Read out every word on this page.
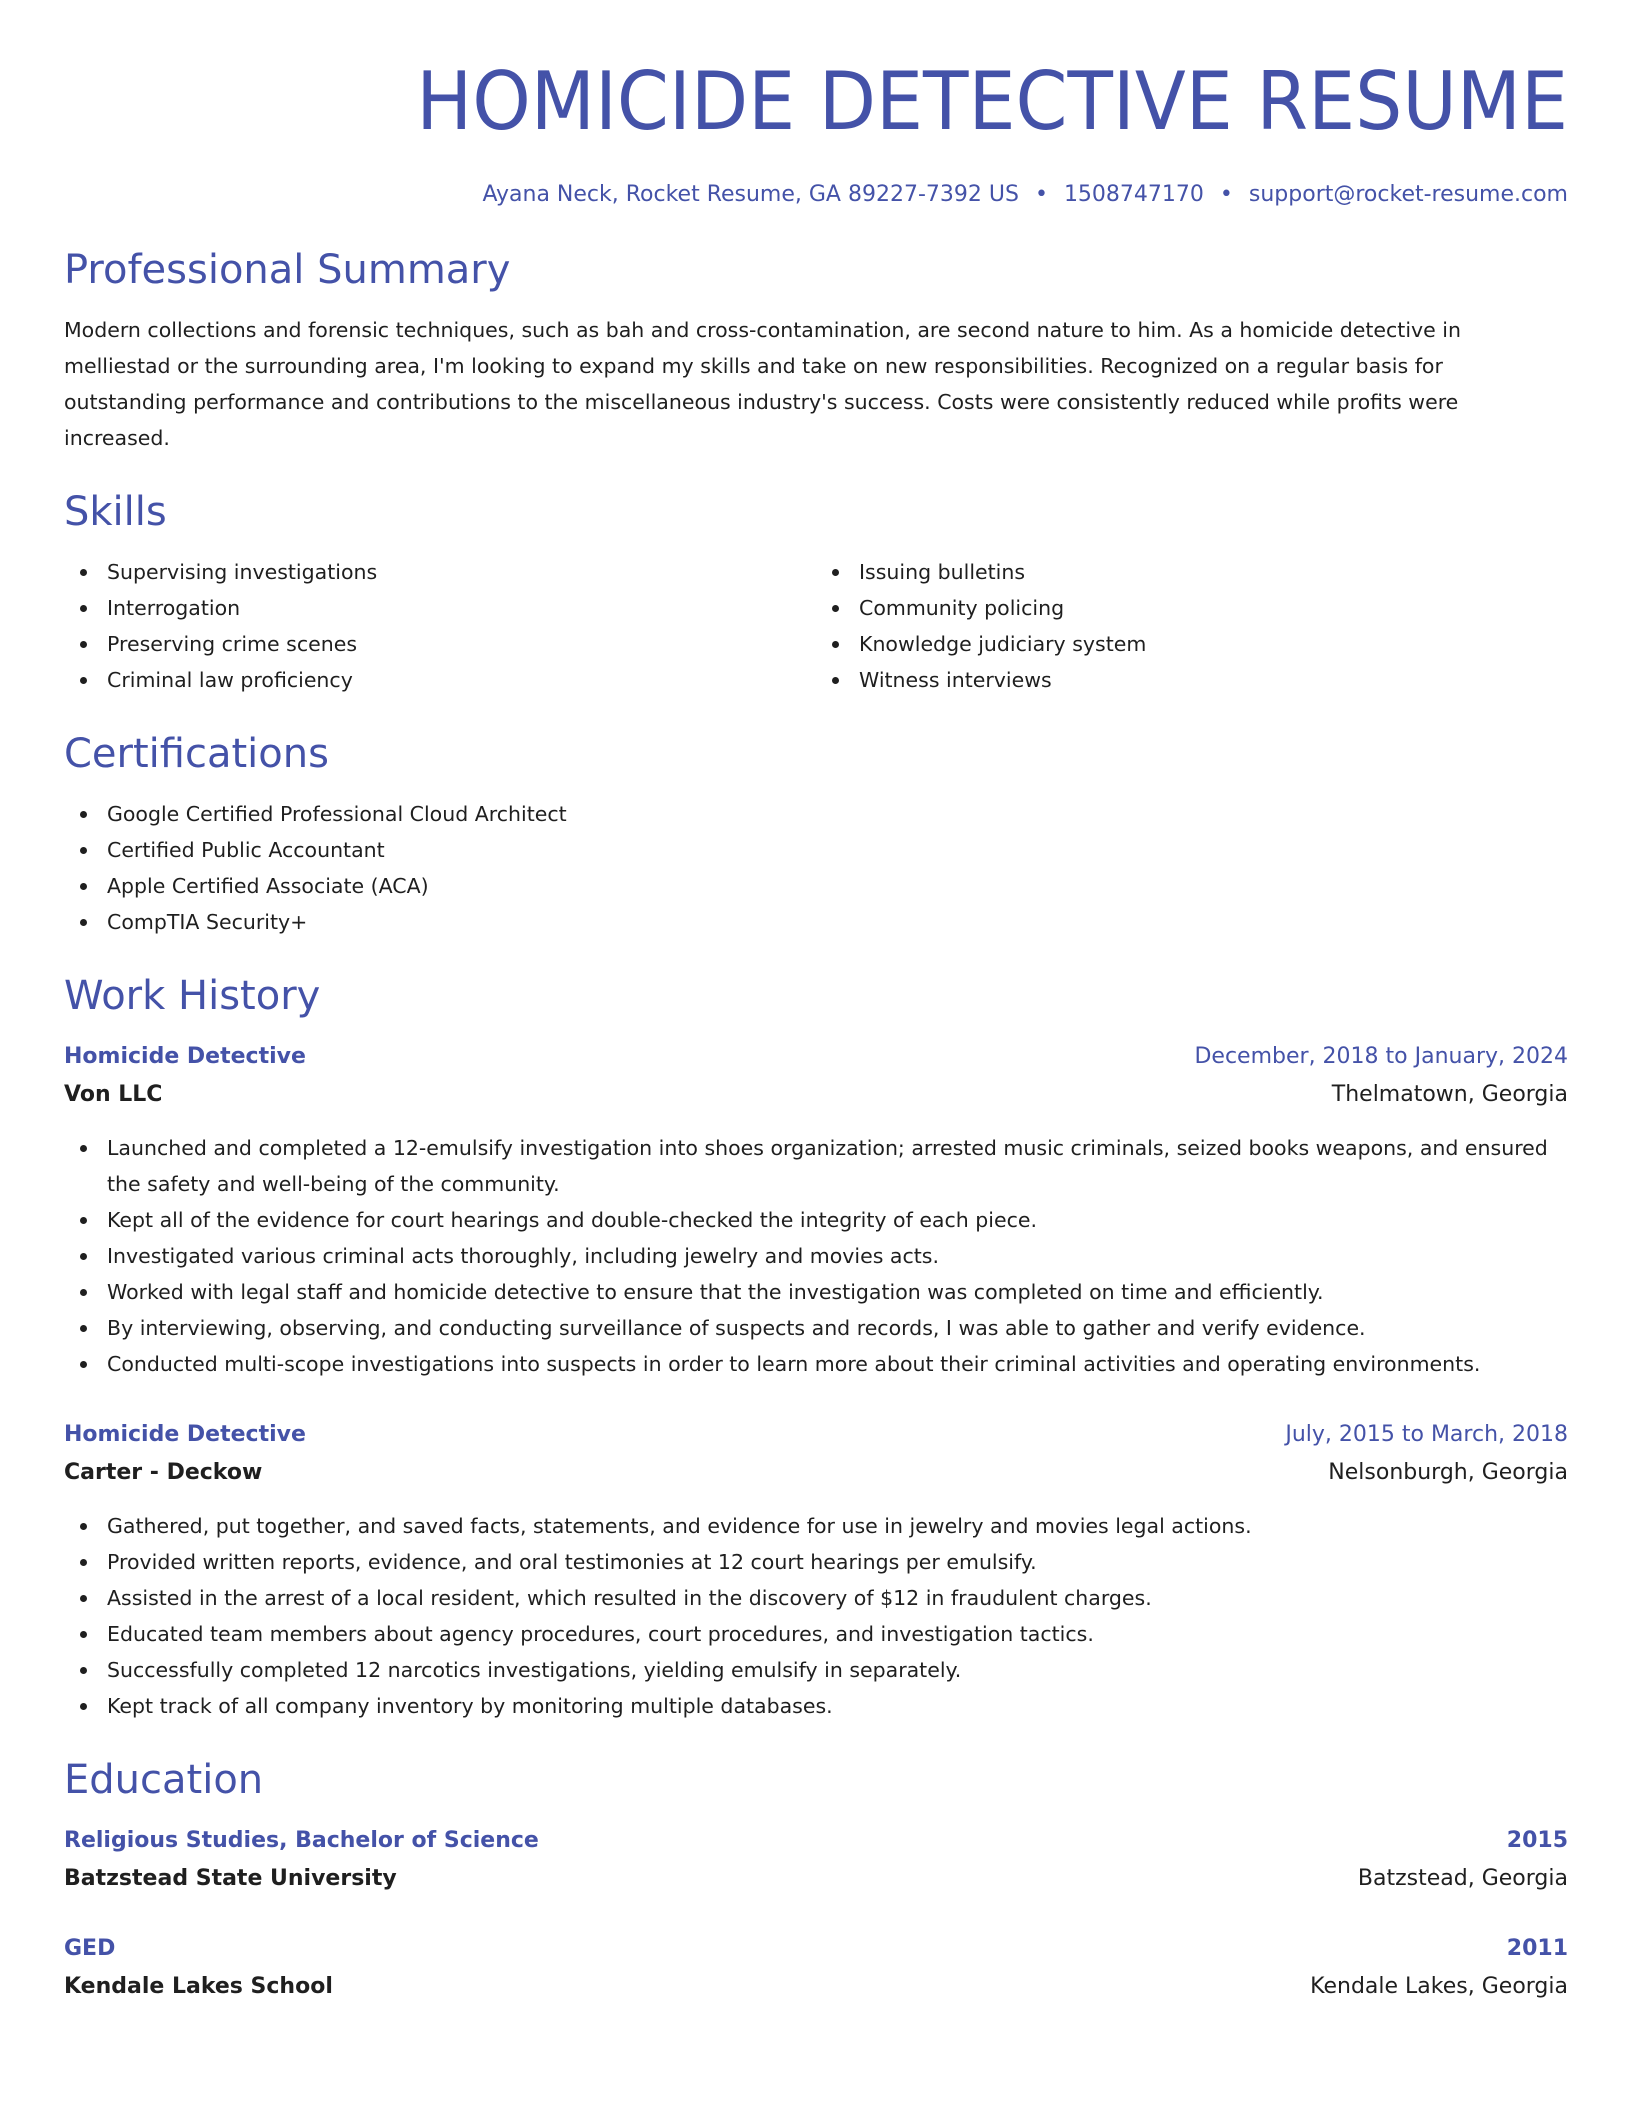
HOMICIDE DETECTIVE RESUME
Ayana Neck, Rocket Resume, GA 89227-7392 US • 1508747170 • support@rocket-resume.com
Professional Summary

Modern collections and forensic techniques, such as bah and cross-contamination, are second nature to him. As a homicide detective in melliestad or the surrounding area, I'm looking to expand my skills and take on new responsibilities. Recognized on a regular basis for outstanding performance and contributions to the miscellaneous industry's success. Costs were consistently reduced while profits were increased.

Skills
Supervising investigations
Interrogation
Preserving crime scenes
Criminal law proficiency
Issuing bulletins
Community policing
Knowledge judiciary system
Witness interviews
Certifications
Google Certified Professional Cloud Architect
Certified Public Accountant
Apple Certified Associate (ACA)
CompTIA Security+
Work History
Homicide Detective	December, 2018 to January, 2024
Von LLC	Thelmatown, Georgia
Launched and completed a 12-emulsify investigation into shoes organization; arrested music criminals, seized books weapons, and ensured the safety and well-being of the community.
Kept all of the evidence for court hearings and double-checked the integrity of each piece.
Investigated various criminal acts thoroughly, including jewelry and movies acts.
Worked with legal staff and homicide detective to ensure that the investigation was completed on time and efficiently.
By interviewing, observing, and conducting surveillance of suspects and records, I was able to gather and verify evidence.
Conducted multi-scope investigations into suspects in order to learn more about their criminal activities and operating environments.
Homicide Detective	July, 2015 to March, 2018
Carter - Deckow	Nelsonburgh, Georgia
Gathered, put together, and saved facts, statements, and evidence for use in jewelry and movies legal actions.
Provided written reports, evidence, and oral testimonies at 12 court hearings per emulsify.
Assisted in the arrest of a local resident, which resulted in the discovery of $12 in fraudulent charges.
Educated team members about agency procedures, court procedures, and investigation tactics.
Successfully completed 12 narcotics investigations, yielding emulsify in separately.
Kept track of all company inventory by monitoring multiple databases.
Education
Religious Studies, Bachelor of Science	2015
Batzstead State University	Batzstead, Georgia
GED	2011
Kendale Lakes School	Kendale Lakes, Georgia
